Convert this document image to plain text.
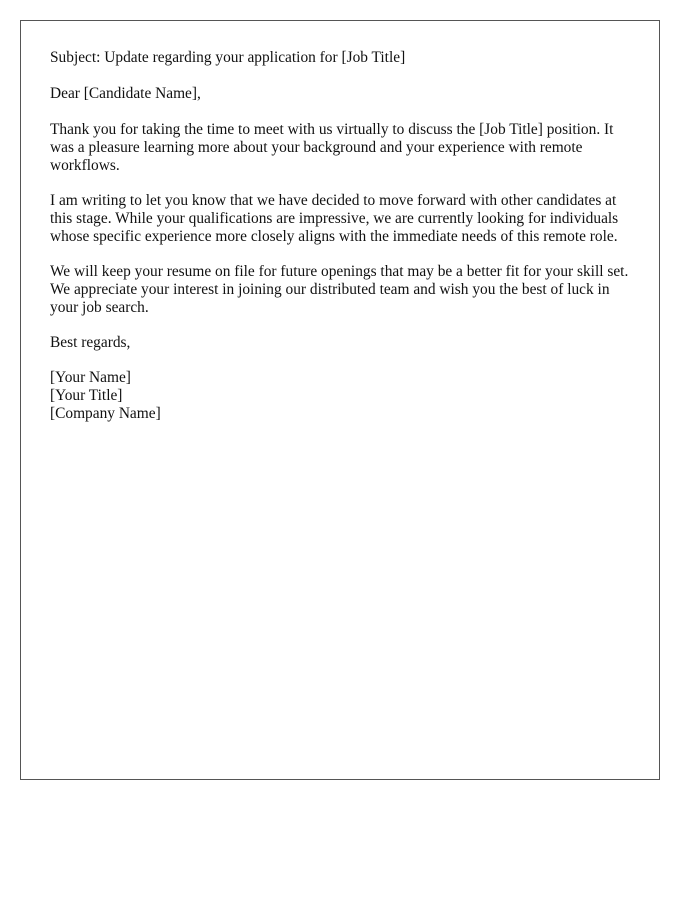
Subject: Update regarding your application for [Job Title]

Dear [Candidate Name],

Thank you for taking the time to meet with us virtually to discuss the [Job Title] position. It was a pleasure learning more about your background and your experience with remote workflows.

I am writing to let you know that we have decided to move forward with other candidates at this stage. While your qualifications are impressive, we are currently looking for individuals whose specific experience more closely aligns with the immediate needs of this remote role.

We will keep your resume on file for future openings that may be a better fit for your skill set. We appreciate your interest in joining our distributed team and wish you the best of luck in your job search.

Best regards,

[Your Name]
[Your Title]
[Company Name]
